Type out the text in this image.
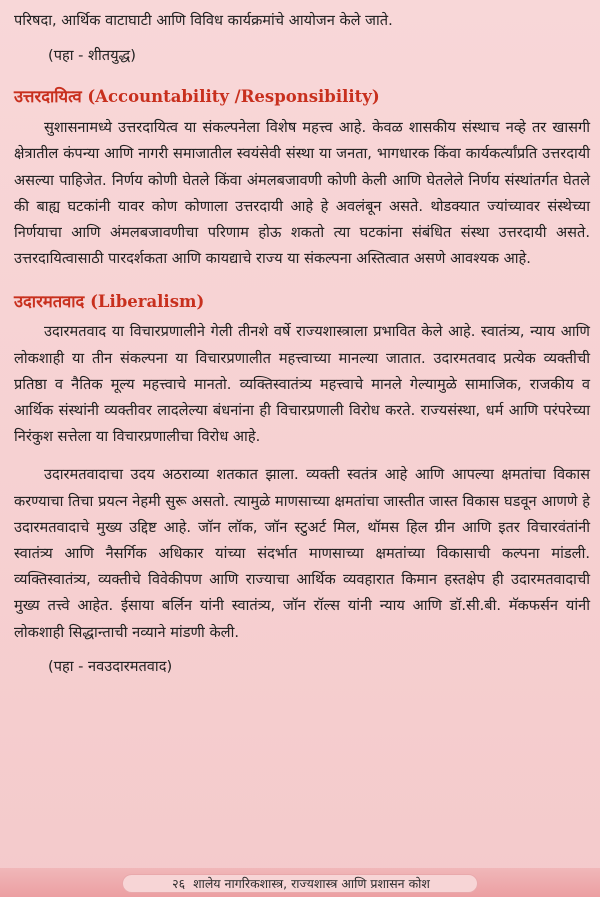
परिषदा, आर्थिक वाटाघाटी आणि विविध कार्यक्रमांचे आयोजन केले जाते.

(पहा - शीतयुद्ध)

उत्तरदायित्व (Accountability /Responsibility)

सुशासनामध्ये उत्तरदायित्व या संकल्पनेला विशेष महत्त्व आहे. केवळ शासकीय संस्थाच नव्हे तर खासगी क्षेत्रातील कंपन्या आणि नागरी समाजातील स्वयंसेवी संस्था या जनता, भागधारक किंवा कार्यकर्त्यांप्रति उत्तरदायी असल्या पाहिजेत. निर्णय कोणी घेतले किंवा अंमलबजावणी कोणी केली आणि घेतलेले निर्णय संस्थांतर्गत घेतले की बाह्य घटकांनी यावर कोण कोणाला उत्तरदायी आहे हे अवलंबून असते. थोडक्यात ज्यांच्यावर संस्थेच्या निर्णयाचा आणि अंमलबजावणीचा परिणाम होऊ शकतो त्या घटकांना संबंधित संस्था उत्तरदायी असते. उत्तरदायित्वासाठी पारदर्शकता आणि कायद्याचे राज्य या संकल्पना अस्तित्वात असणे आवश्यक आहे.

उदारमतवाद (Liberalism)

उदारमतवाद या विचारप्रणालीने गेली तीनशे वर्षे राज्यशास्त्राला प्रभावित केले आहे. स्वातंत्र्य, न्याय आणि लोकशाही या तीन संकल्पना या विचारप्रणालीत महत्त्वाच्या मानल्या जातात. उदारमतवाद प्रत्येक व्यक्तीची प्रतिष्ठा व नैतिक मूल्य महत्त्वाचे मानतो. व्यक्तिस्वातंत्र्य महत्त्वाचे मानले गेल्यामुळे सामाजिक, राजकीय व आर्थिक संस्थांनी व्यक्तीवर लादलेल्या बंधनांना ही विचारप्रणाली विरोध करते. राज्यसंस्था, धर्म आणि परंपरेच्या निरंकुश सत्तेला या विचारप्रणालीचा विरोध आहे.

उदारमतवादाचा उदय अठराव्या शतकात झाला. व्यक्ती स्वतंत्र आहे आणि आपल्या क्षमतांचा विकास करण्याचा तिचा प्रयत्न नेहमी सुरू असतो. त्यामुळे माणसाच्या क्षमतांचा जास्तीत जास्त विकास घडवून आणणे हे उदारमतवादाचे मुख्य उद्दिष्ट आहे. जॉन लॉक, जॉन स्टुअर्ट मिल, थॉमस हिल ग्रीन आणि इतर विचारवंतांनी स्वातंत्र्य आणि नैसर्गिक अधिकार यांच्या संदर्भात माणसाच्या क्षमतांच्या विकासाची कल्पना मांडली. व्यक्तिस्वातंत्र्य, व्यक्तीचे विवेकीपण आणि राज्याचा आर्थिक व्यवहारात किमान हस्तक्षेप ही उदारमतवादाची मुख्य तत्त्वे आहेत. ईसाया बर्लिन यांनी स्वातंत्र्य, जॉन रॉल्स यांनी न्याय आणि डॉ.सी.बी. मॅकफर्सन यांनी लोकशाही सिद्धान्ताची नव्याने मांडणी केली.

(पहा - नवउदारमतवाद)

२६ शालेय नागरिकशास्त्र, राज्यशास्त्र आणि प्रशासन कोश
